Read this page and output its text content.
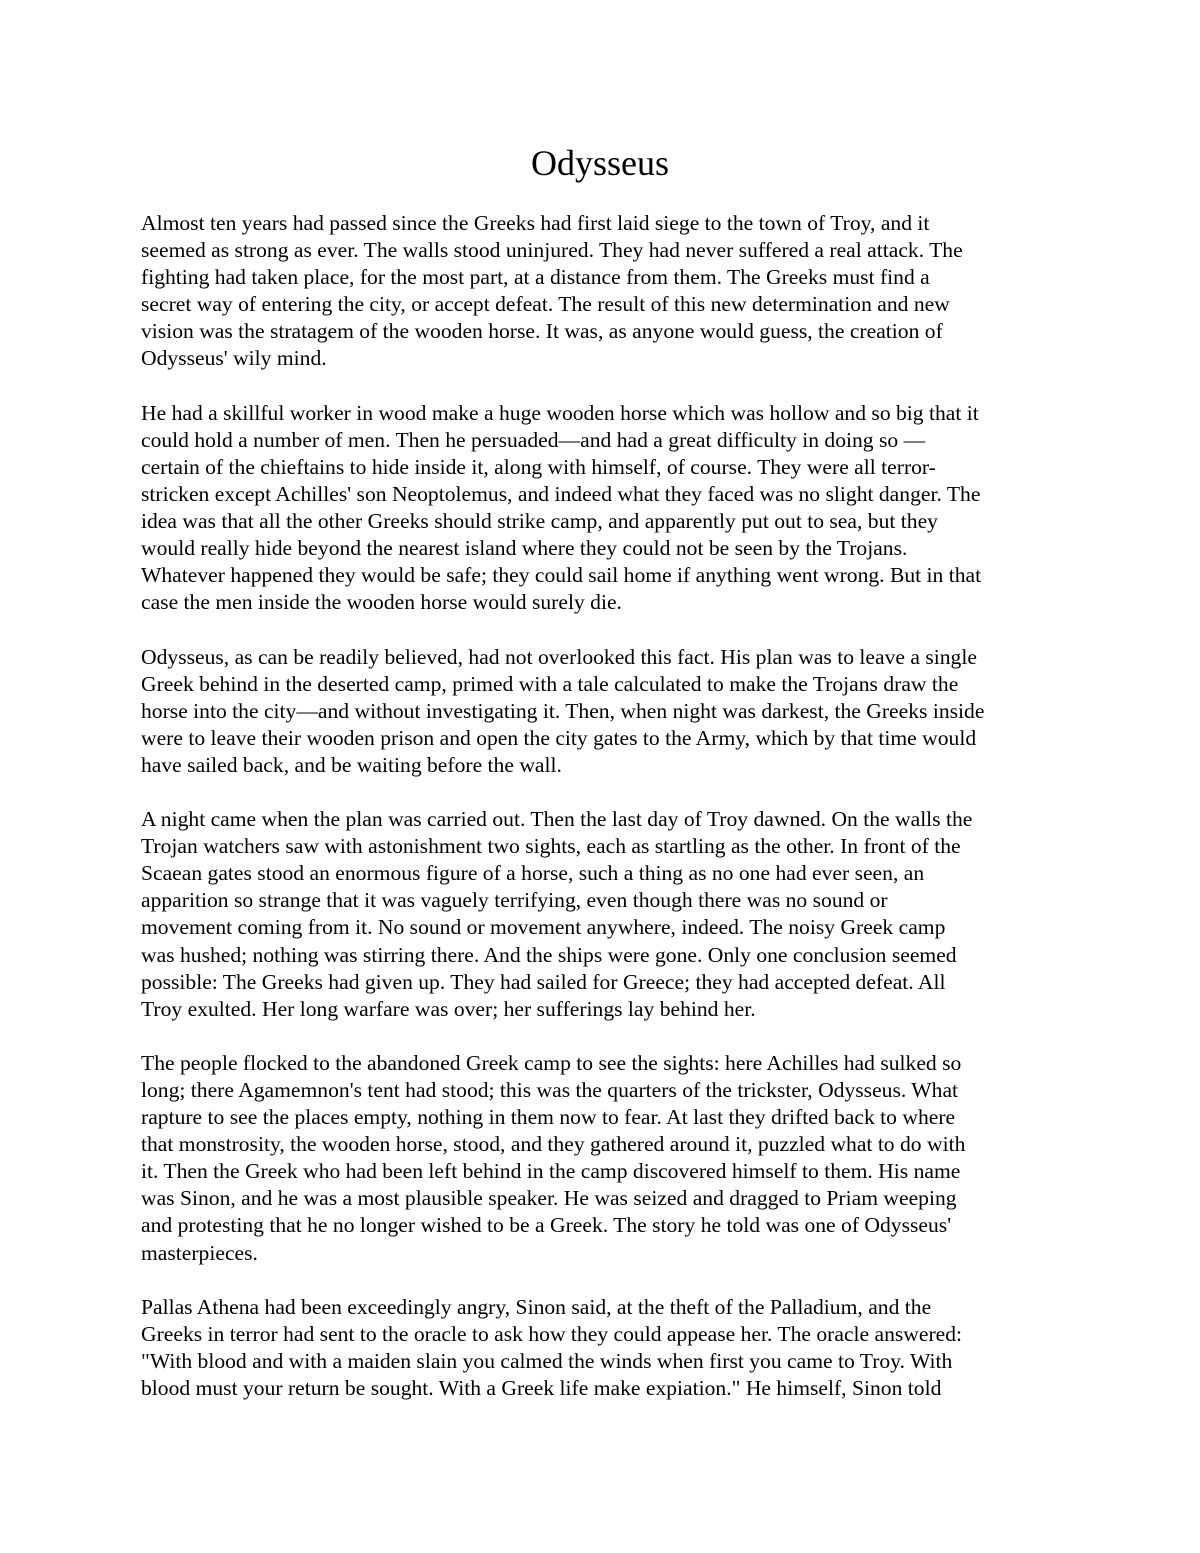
Odysseus

Almost ten years had passed since the Greeks had first laid siege to the town of Troy, and it
seemed as strong as ever. The walls stood uninjured. They had never suffered a real attack. The
fighting had taken place, for the most part, at a distance from them. The Greeks must find a
secret way of entering the city, or accept defeat. The result of this new determination and new
vision was the stratagem of the wooden horse. It was, as anyone would guess, the creation of
Odysseus' wily mind.

He had a skillful worker in wood make a huge wooden horse which was hollow and so big that it
could hold a number of men. Then he persuaded—and had a great difficulty in doing so —
certain of the chieftains to hide inside it, along with himself, of course. They were all terror-
stricken except Achilles' son Neoptolemus, and indeed what they faced was no slight danger. The
idea was that all the other Greeks should strike camp, and apparently put out to sea, but they
would really hide beyond the nearest island where they could not be seen by the Trojans.
Whatever happened they would be safe; they could sail home if anything went wrong. But in that
case the men inside the wooden horse would surely die.

Odysseus, as can be readily believed, had not overlooked this fact. His plan was to leave a single
Greek behind in the deserted camp, primed with a tale calculated to make the Trojans draw the
horse into the city—and without investigating it. Then, when night was darkest, the Greeks inside
were to leave their wooden prison and open the city gates to the Army, which by that time would
have sailed back, and be waiting before the wall.

A night came when the plan was carried out. Then the last day of Troy dawned. On the walls the
Trojan watchers saw with astonishment two sights, each as startling as the other. In front of the
Scaean gates stood an enormous figure of a horse, such a thing as no one had ever seen, an
apparition so strange that it was vaguely terrifying, even though there was no sound or
movement coming from it. No sound or movement anywhere, indeed. The noisy Greek camp
was hushed; nothing was stirring there. And the ships were gone. Only one conclusion seemed
possible: The Greeks had given up. They had sailed for Greece; they had accepted defeat. All
Troy exulted. Her long warfare was over; her sufferings lay behind her.

The people flocked to the abandoned Greek camp to see the sights: here Achilles had sulked so
long; there Agamemnon's tent had stood; this was the quarters of the trickster, Odysseus. What
rapture to see the places empty, nothing in them now to fear. At last they drifted back to where
that monstrosity, the wooden horse, stood, and they gathered around it, puzzled what to do with
it. Then the Greek who had been left behind in the camp discovered himself to them. His name
was Sinon, and he was a most plausible speaker. He was seized and dragged to Priam weeping
and protesting that he no longer wished to be a Greek. The story he told was one of Odysseus'
masterpieces.

Pallas Athena had been exceedingly angry, Sinon said, at the theft of the Palladium, and the
Greeks in terror had sent to the oracle to ask how they could appease her. The oracle answered:
"With blood and with a maiden slain you calmed the winds when first you came to Troy. With
blood must your return be sought. With a Greek life make expiation." He himself, Sinon told
